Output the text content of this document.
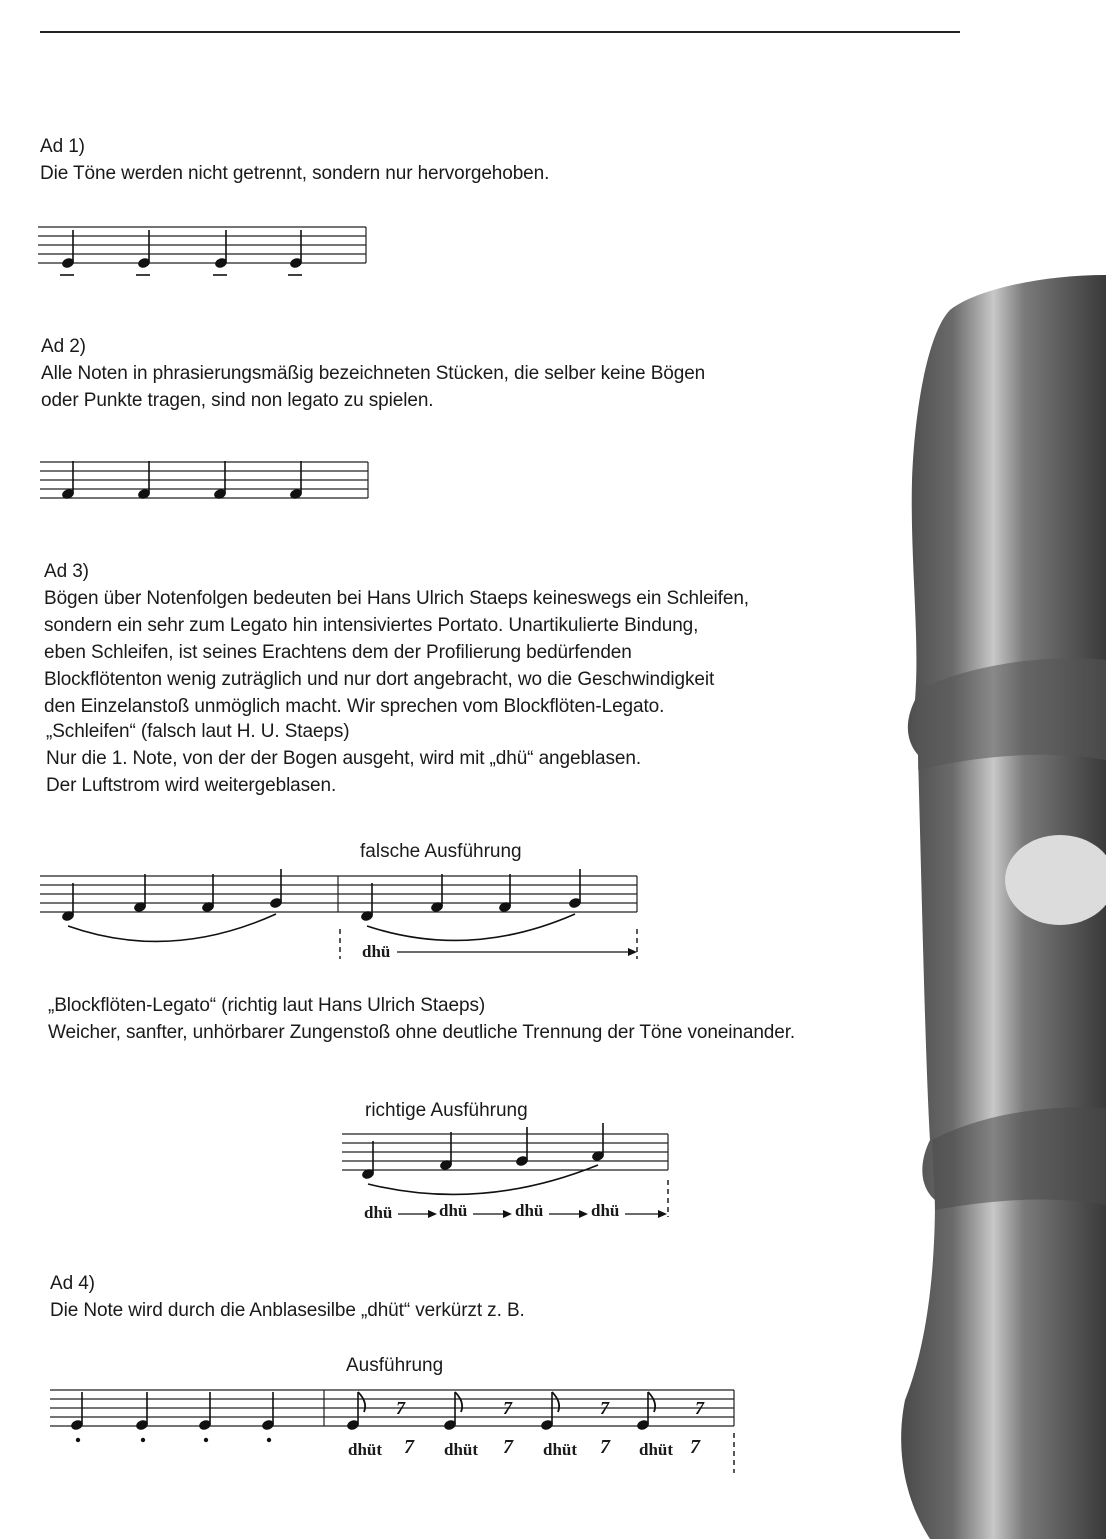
Ad 1)
Die Töne werden nicht getrennt, sondern nur hervorgehoben.
Ad 2)
Alle Noten in phrasierungsmäßig bezeichneten Stücken, die selber keine Bögen
oder Punkte tragen, sind non legato zu spielen.
Ad 3)
Bögen über Notenfolgen bedeuten bei Hans Ulrich Staeps keineswegs ein Schleifen,
sondern ein sehr zum Legato hin intensiviertes Portato. Unartikulierte Bindung,
eben Schleifen, ist seines Erachtens dem der Profilierung bedürfenden
Blockflötenton wenig zuträglich und nur dort angebracht, wo die Geschwindigkeit
den Einzelanstoß unmöglich macht. Wir sprechen vom Blockflöten-Legato.
„Schleifen“ (falsch laut H. U. Staeps)
Nur die 1. Note, von der der Bogen ausgeht, wird mit „dhü“ angeblasen.
Der Luftstrom wird weitergeblasen.
falsche Ausführung
dhü
„Blockflöten-Legato“ (richtig laut Hans Ulrich Staeps)
Weicher, sanfter, unhörbarer Zungenstoß ohne deutliche Trennung der Töne voneinander.
richtige Ausführung
dhü	dhü	dhü	dhü
Ad 4)
Die Note wird durch die Anblasesilbe „dhüt“ verkürzt z. B.
Ausführung
7	7	7	7
dhüt 7 dhüt 7 dhüt 7 dhüt 7
